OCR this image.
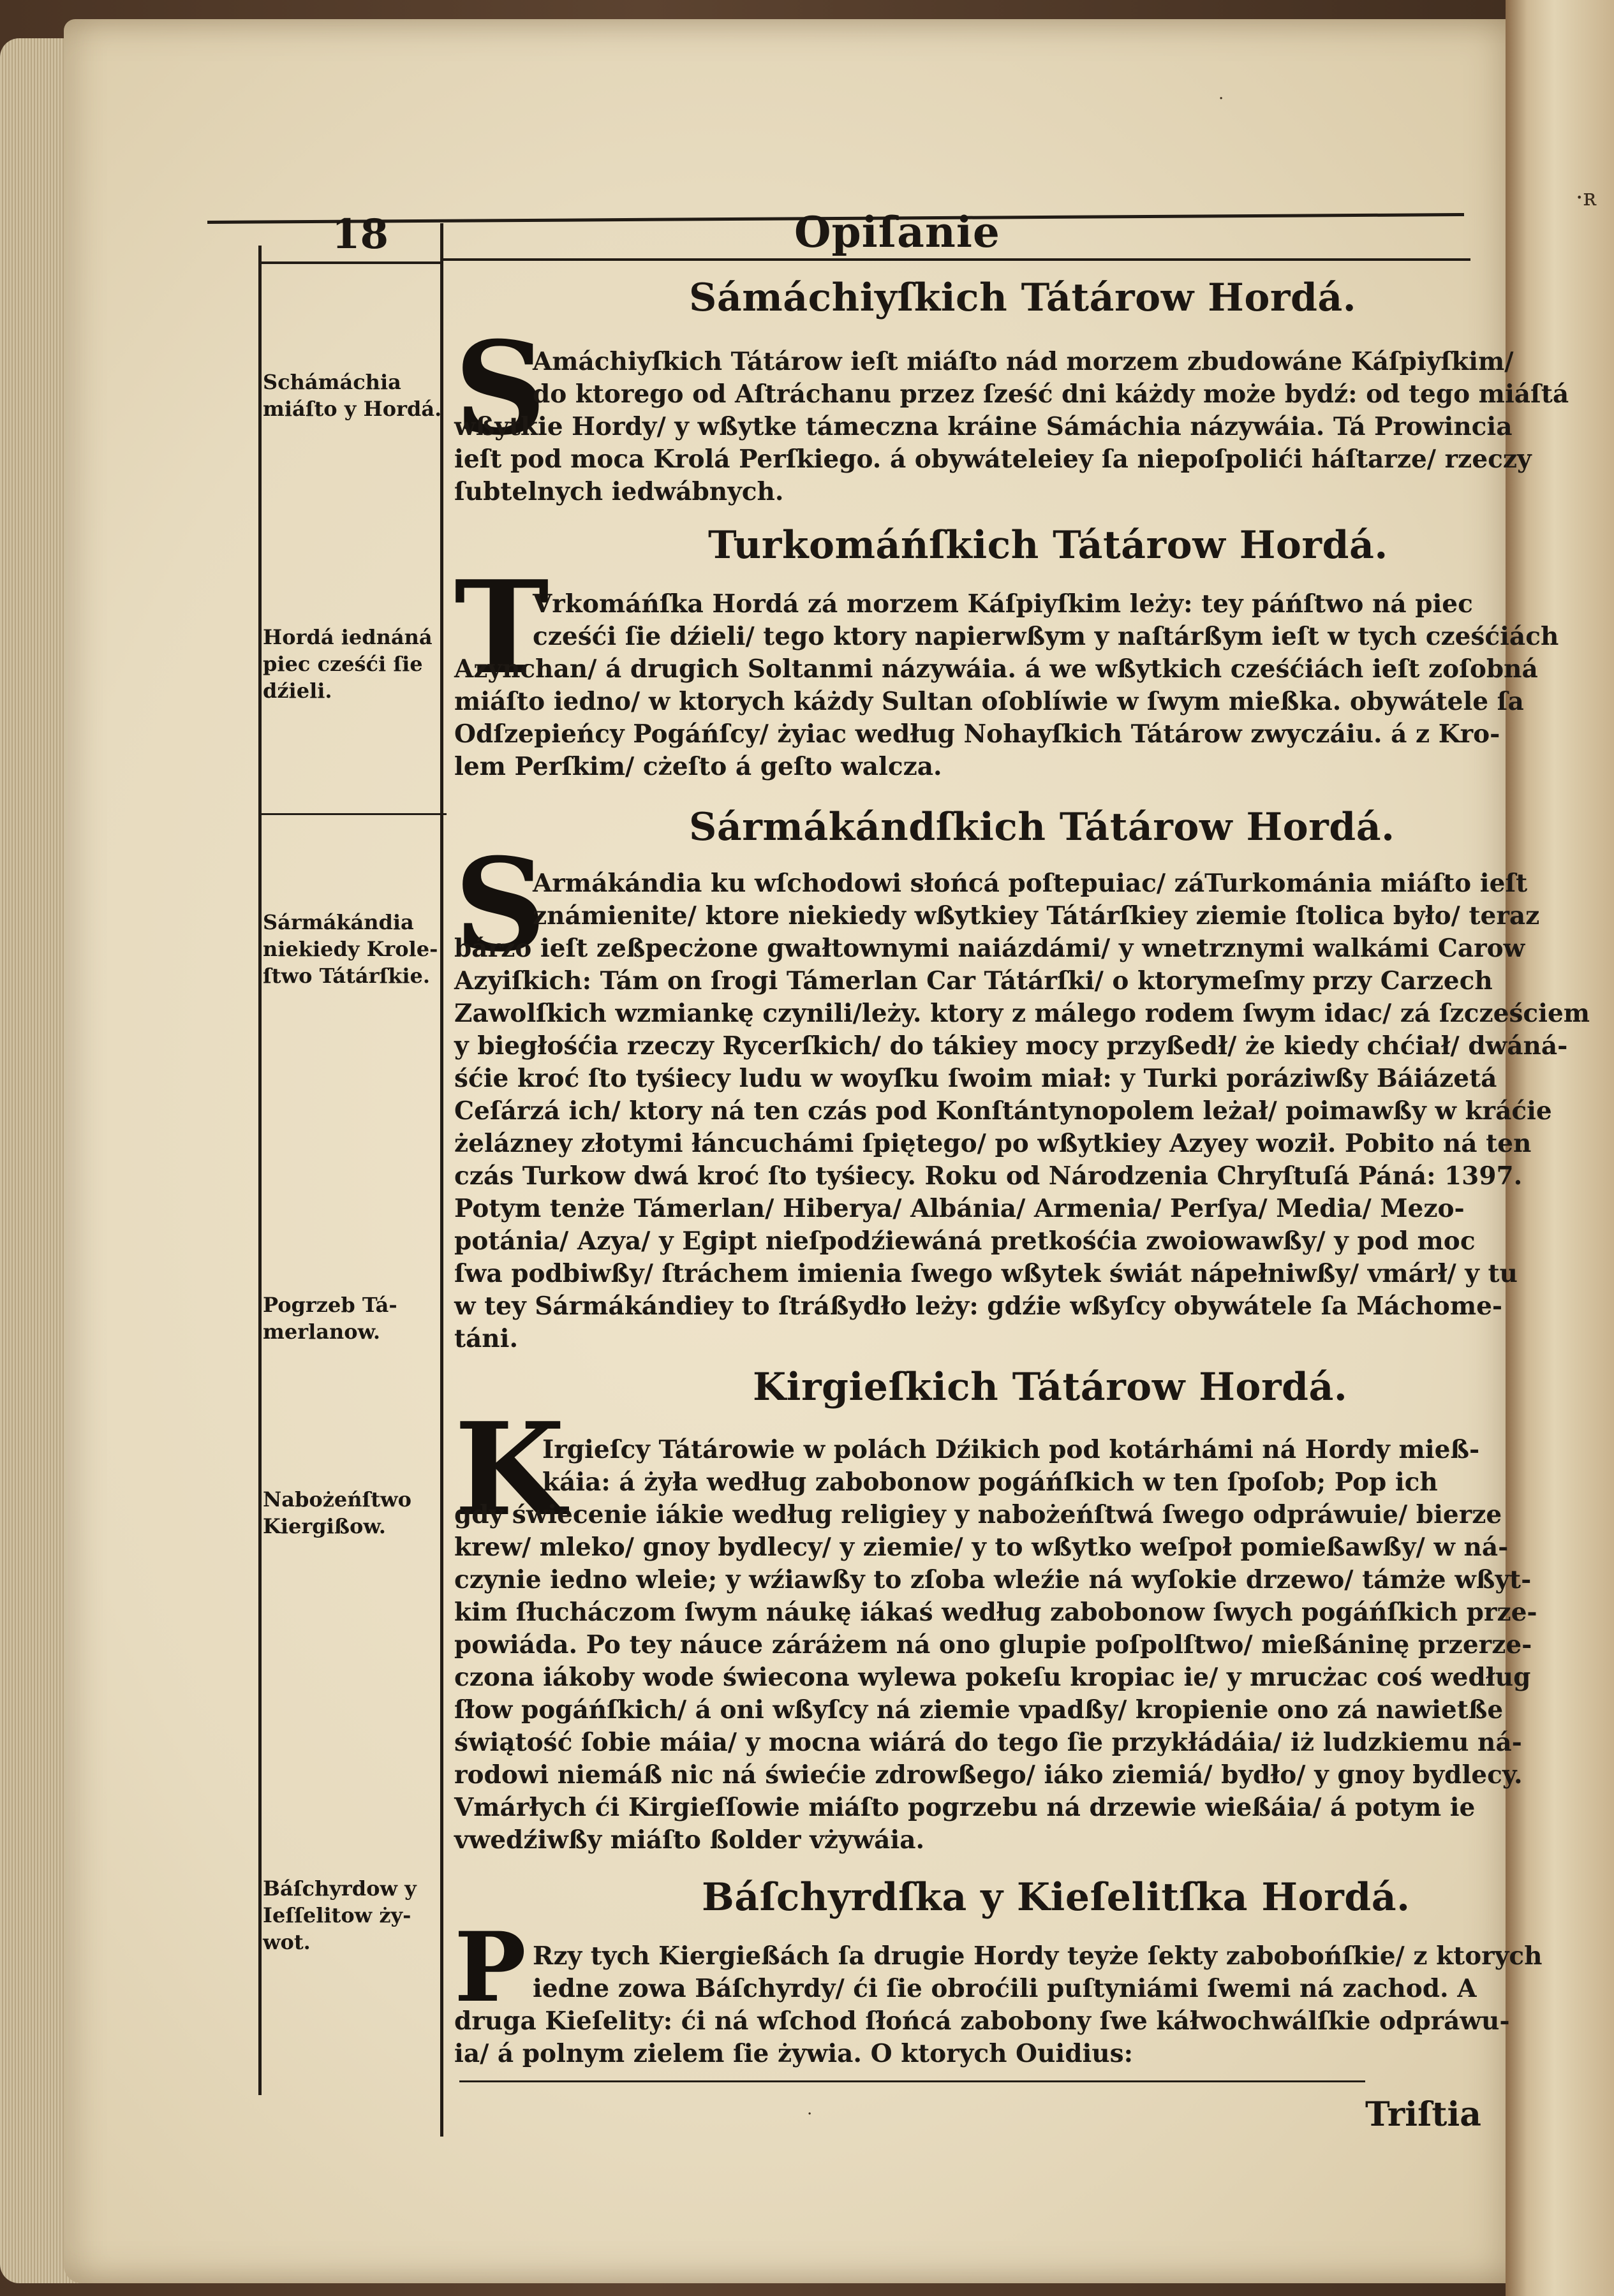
·ʀ
18	Opiſanie
Sámáchiyſkich Tátárow Hordá.
S
Amáchiyſkich Tátárow ieſt miáſto nád morzem zbudowáne Káſpiyſkim/
do ktorego od Aſtráchanu przez ſześć dni káżdy może bydź: od tego miáſtá
wßytkie Hordy/ y wßytke támeczna kráine Sámáchia názywáia. Tá Prowincia
ieſt pod moca Krolá Perſkiego. á obywáteleiey ſa niepoſpolići háſtarze/ rzeczy
ſubtelnych iedwábnych.
Turkomáńſkich Tátárow Hordá.
T
Vrkomáńſka Hordá zá morzem Káſpiyſkim leży: tey páńſtwo ná piec
cześći ſie dźieli/ tego ktory napierwßym y naſtárßym ieſt w tych cześćiách
Azynchan/ á drugich Soltanmi názywáia. á we wßytkich cześćiách ieſt zoſobná
miáſto iedno/ w ktorych káżdy Sultan oſoblíwie w ſwym mießka. obywátele ſa
Odſzepieńcy Pogáńſcy/ żyiac według Nohayſkich Tátárow zwyczáiu. á z Kro-
lem Perſkim/ cżeſto á geſto walcza.
Sármákándſkich Tátárow Hordá.
S
Armákándia ku wſchodowi słońcá poſtepuiac/ záTurkománia miáſto ieſt
známienite/ ktore niekiedy wßytkiey Tátárſkiey ziemie ſtolica było/ teraz
bárzo ieſt zeßpecżone gwałtownymi naiázdámi/ y wnetrznymi walkámi Carow
Azyiſkich: Tám on ſrogi Támerlan Car Tátárſki/ o ktorymeſmy przy Carzech
Zawolſkich wzmiankę czynili/leży. ktory z málego rodem ſwym idac/ zá ſzcześciem
y biegłośćia rzeczy Rycerſkich/ do tákiey mocy przyßedł/ że kiedy chćiał/ dwáná-
śćie kroć ſto tyśiecy ludu w woyſku ſwoim miał: y Turki poráziwßy Báiázetá
Ceſárzá ich/ ktory ná ten czás pod Konſtántynopolem leżał/ poimawßy w kráćie
żelázney złotymi łáncuchámi ſpiętego/ po wßytkiey Azyey woził. Pobito ná ten
czás Turkow dwá kroć ſto tyśiecy. Roku od Národzenia Chryſtuſá Páná: 1397.
Potym tenże Támerlan/ Hiberya/ Albánia/ Armenia/ Perſya/ Media/ Mezo-
potánia/ Azya/ y Egipt nieſpodźiewáná pretkośćia zwoiowawßy/ y pod moc
ſwa podbiwßy/ ſtráchem imienia ſwego wßytek świát nápełniwßy/ vmárł/ y tu
w tey Sármákándiey to ſtráßydło leży: gdźie wßyſcy obywátele ſa Máchome-
táni.
Kirgieſkich Tátárow Hordá.
K
Irgieſcy Tátárowie w polách Dźikich pod kotárhámi ná Hordy mieß-
káia: á żyła według zabobonow pogáńſkich w ten ſpoſob; Pop ich
gdy świecenie iákie według religiey y nabożeńſtwá ſwego odpráwuie/ bierze
krew/ mleko/ gnoy bydlecy/ y ziemie/ y to wßytko weſpoł pomießawßy/ w ná-
czynie iedno wleie; y wźiawßy to zſoba wleźie ná wyſokie drzewo/ támże wßyt-
kim ſłucháczom ſwym náukę iákaś według zabobonow ſwych pogáńſkich prze-
powiáda. Po tey náuce záráżem ná ono glupie poſpolſtwo/ mießáninę przerze-
czona iákoby wode świecona wylewa pokeſu kropiac ie/ y mrucżac coś według
ſłow pogáńſkich/ á oni wßyſcy ná ziemie vpadßy/ kropienie ono zá nawietße
świątość ſobie máia/ y mocna wiárá do tego ſie przykłádáia/ iż ludzkiemu ná-
rodowi niemáß nic ná świećie zdrowßego/ iáko ziemiá/ bydło/ y gnoy bydlecy.
Vmárłych ći Kirgieſſowie miáſto pogrzebu ná drzewie wießáia/ á potym ie
vwedźiwßy miáſto ßolder vżywáia.
Báſchyrdſka y Kieſelitſka Hordá.
P Rzy tych Kiergießách ſa drugie Hordy teyże ſekty zabobońſkie/ z ktorych
iedne zowa Báſchyrdy/ ći ſie obroćili puſtyniámi ſwemi ná zachod. A
druga Kieſelity: ći ná wſchod ſłońcá zabobony ſwe káłwochwálſkie odpráwu-
ia/ á polnym zielem ſie żywia. O ktorych Ouidius:
Schámáchia
miáſto y Hordá.
Hordá iednáná
piec cześći ſie
dźieli.
Sármákándia
niekiedy Krole-
ſtwo Tátárſkie.
Pogrzeb Tá-
merlanow.
Nabożeńſtwo
Kiergißow.
Báſchyrdow y
Ieſſelitow ży-
wot.
Triſtia
·
·
